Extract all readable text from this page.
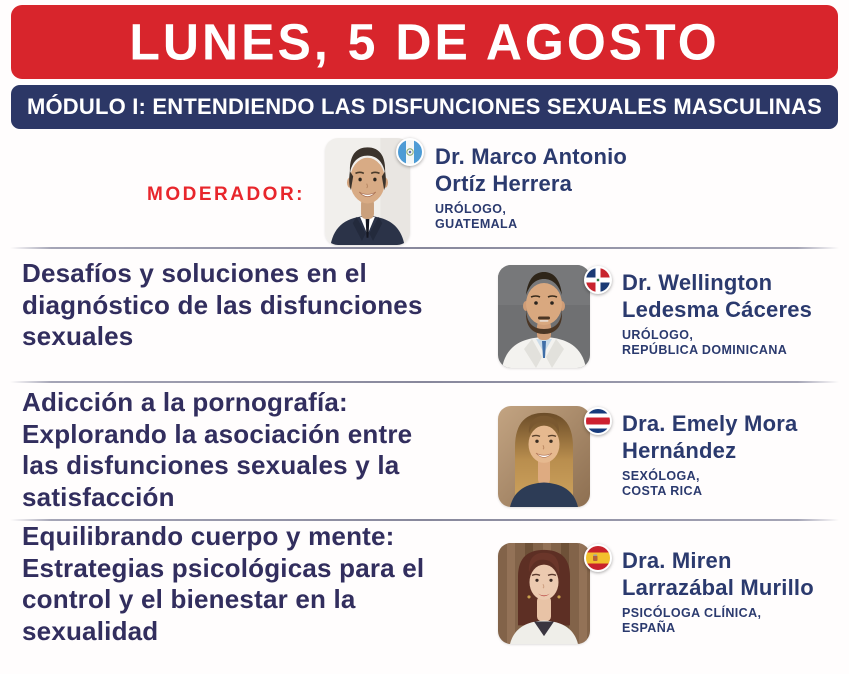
LUNES, 5 DE AGOSTO
MÓDULO I: ENTENDIENDO LAS DISFUNCIONES SEXUALES MASCULINAS
MODERADOR:
Dr. Marco Antonio
Ortíz Herrera
URÓLOGO,
GUATEMALA
Desafíos y soluciones en el
diagnóstico de las disfunciones
sexuales
Dr. Wellington
Ledesma Cáceres
URÓLOGO,
REPÚBLICA DOMINICANA
Adicción a la pornografía:
Explorando la asociación entre
las disfunciones sexuales y la
satisfacción
Dra. Emely Mora
Hernández
SEXÓLOGA,
COSTA RICA
Equilibrando cuerpo y mente:
Estrategias psicológicas para el
control y el bienestar en la
sexualidad
Dra. Miren
Larrazábal Murillo
PSICÓLOGA CLÍNICA,
ESPAÑA
